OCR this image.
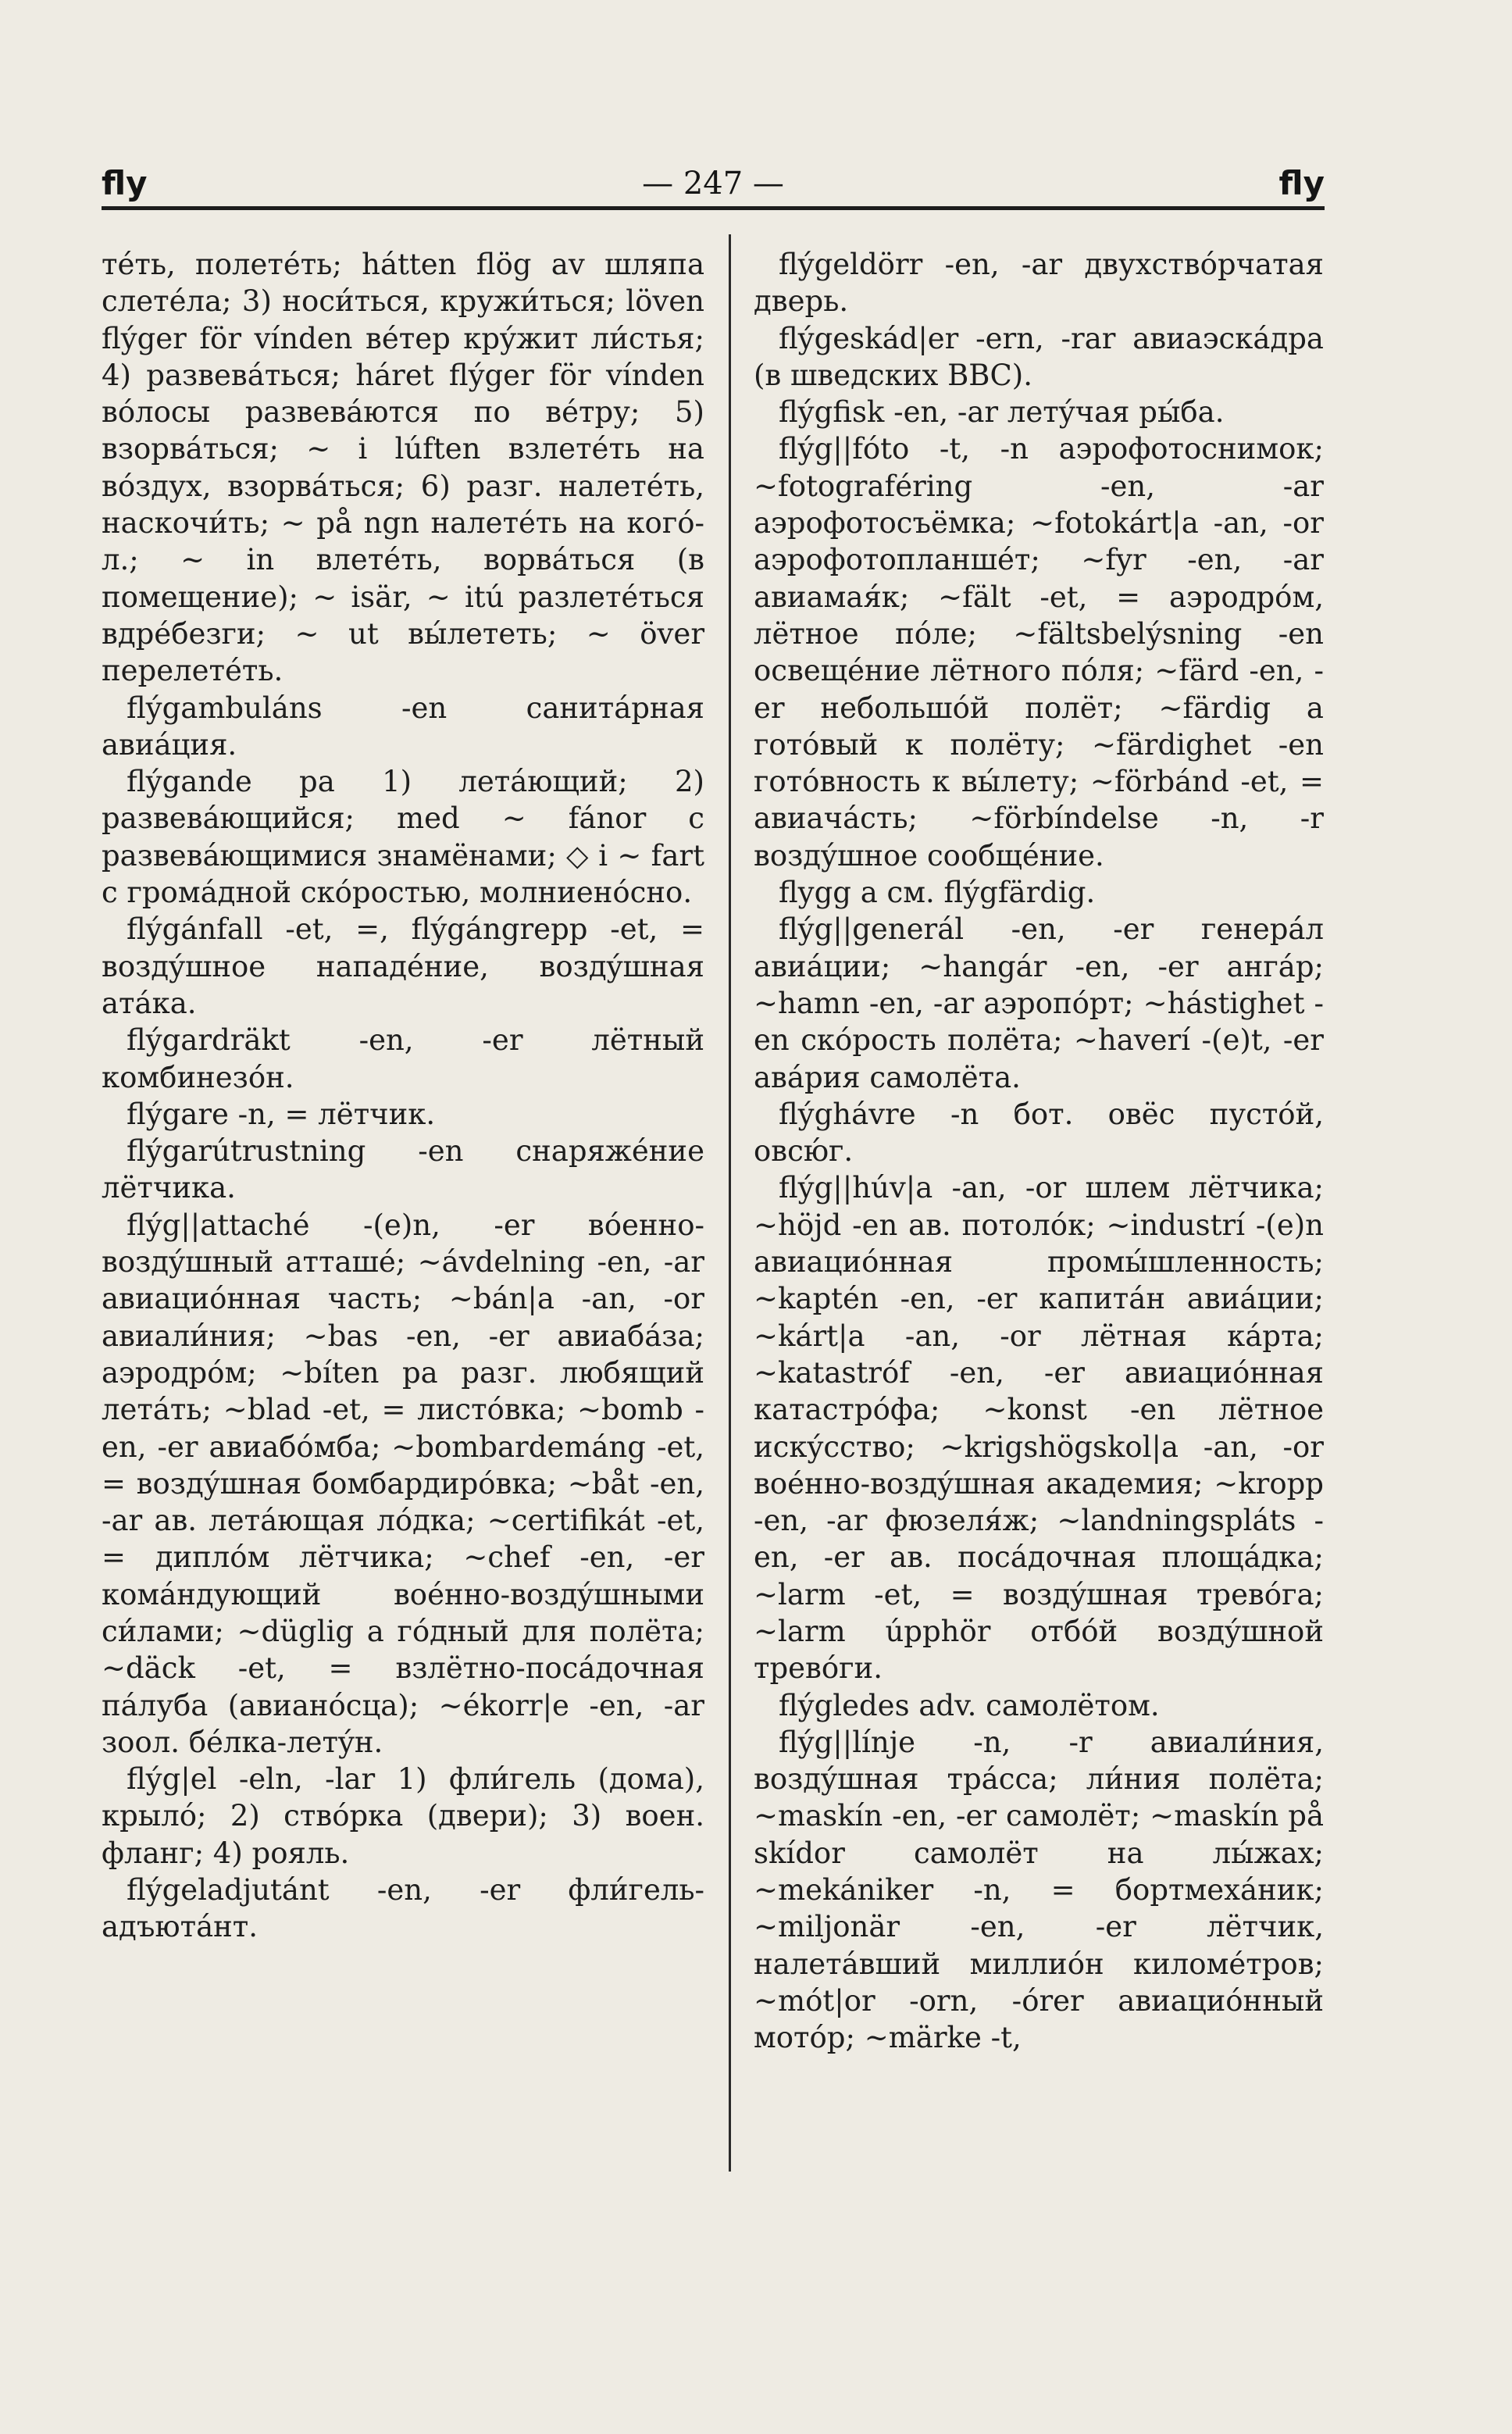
fly	— 247 —	fly

тéть, полетéть; hátten flög av шляпа слетéла; 3) носи́ться, кружи́ться; löven flýger för vínden вéтер крýжит ли́стья; 4) развевáться; háret flýger för vínden вóлосы развевáются по вéтру; 5) взорвáться; ~ i lúften взлетéть на вóздух, взорвáться; 6) разг. налетéть, наскочи́ть; ~ på ngn налетéть на когó-л.; ~ in влетéть, ворвáться (в помещение); ~ isär, ~ itú разлетéться вдрéбезги; ~ ut вы́лететь; ~ över перелетéть.

flýgambuláns -en санитáрная авиáция.

flýgande pa 1) летáющий; 2) развевáющийся; med ~ fánor с развевáющимися знамёнами; ◇ i ~ fart с громáдной скóростью, молниенóсно.

flýgánfall -et, =, flýgángrepp -et, = воздýшное нападéние, воздýшная атáка.

flýgardräkt -en, -er лётный комбинезóн.

flýgare -n, = лётчик.

flýgarútrustning -en снаряжéние лётчика.

flýg||attaché -(e)n, -er вóенно-воздýшный атташé; ~ávdelning -en, -ar авиациóнная часть; ~bán|a -an, -or авиали́ния; ~bas -en, -er авиабáза; аэродрóм; ~bíten pa разг. любящий летáть; ~blad -et, = листóвка; ~bomb -en, -er авиабóмба; ~bombardemáng -et, = воздýшная бомбардирóвка; ~båt -en, -ar ав. летáющая лóдка; ~certifikát -et, = диплóм лётчика; ~chef -en, -er комáндующий воéнно-воздýшными си́лами; ~düglig a гóдный для полёта; ~däck -et, = взлётно-посáдочная пáлуба (авианóсца); ~ékorr|e -en, -ar зоол. бéлка-летýн.

flýg|el -eln, -lar 1) фли́гель (дома), крылó; 2) ствóрка (двери); 3) воен. фланг; 4) рояль.

flýgeladjutánt -en, -er фли́гель-адъютáнт.

flýgeldörr -en, -ar двухствóрчатая дверь.

flýgeskád|er -ern, -rar авиаэскáдра (в шведских ВВС).

flýgfisk -en, -ar летýчая ры́ба.

flýg||fóto -t, -n аэрофотоснимок; ~fotograféring -en, -ar аэрофотосъёмка; ~fotokárt|a -an, -or аэрофотопланшéт; ~fyr -en, -ar авиамая́к; ~fält -et, = аэродрóм, лётное пóле; ~fältsbelýsning -en освещéние лётного пóля; ~färd -en, -er небольшóй полёт; ~färdig a готóвый к полёту; ~färdighet -en готóвность к вы́лету; ~förbánd -et, = авиачáсть; ~förbíndelse -n, -r воздýшное сообщéние.

flygg a см. flýgfärdig.

flýg||generál -en, -er генерáл авиáции; ~hangár -en, -er ангáр; ~hamn -en, -ar аэропóрт; ~hástighet -en скóрость полёта; ~haverí -(e)t, -er авáрия самолёта.

flýghávre -n бот. овёс пустóй, овсю́г.

flýg||húv|a -an, -or шлем лётчика; ~höjd -en ав. потолóк; ~industrí -(e)n авиациóнная промы́шленность; ~kaptén -en, -er капитáн авиáции; ~kárt|a -an, -or лётная кáрта; ~katastróf -en, -er авиациóнная катастрóфа; ~konst -en лётное искýсство; ~krigshögskol|a -an, -or воéнно-воздýшная академия; ~kropp -en, -ar фюзеля́ж; ~landningspláts -en, -er ав. посáдочная площáдка; ~larm -et, = воздýшная тревóга; ~larm úpphör отбóй воздýшной тревóги.

flýgledes adv. самолётом.

flýg||línje -n, -r авиали́ния, воздýшная трáсса; ли́ния полёта; ~maskín -en, -er самолёт; ~maskín på skídor самолёт на лы́жах; ~mekániker -n, = бортмехáник; ~miljonär -en, -er лётчик, налетáвший миллиóн киломéтров; ~mót|or -orn, -órer авиациóнный мотóр; ~märke -t,
